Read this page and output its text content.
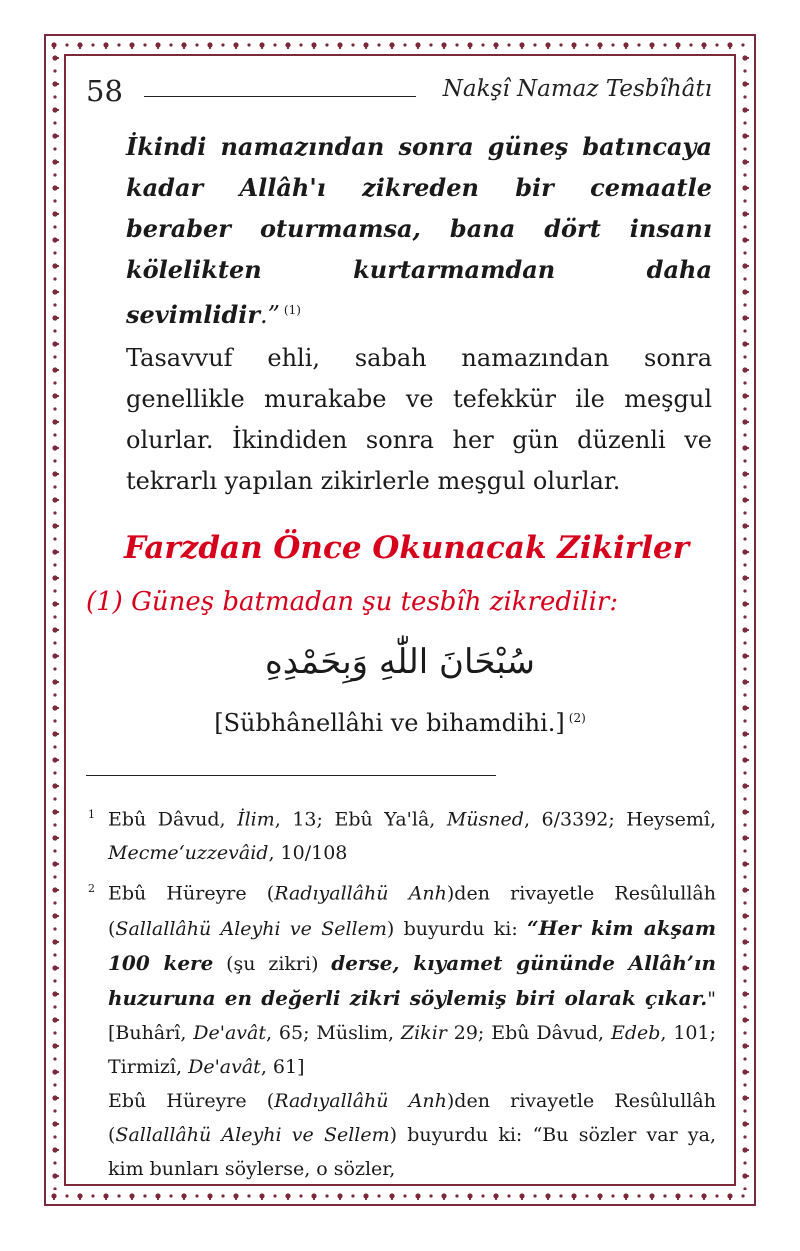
58	Nakşî Namaz Tesbîhâtı

İkindi namazından sonra güneş batıncaya kadar Allâh'ı zikreden bir cemaatle beraber oturmamsa, bana dört insanı kölelikten kurtarmamdan daha sevimlidir.” $^{(1)}$

Tasavvuf ehli, sabah namazından sonra genellikle murakabe ve tefekkür ile meşgul olurlar. İkindiden sonra her gün düzenli ve tekrarlı yapılan zikirlerle meşgul olurlar.

Farzdan Önce Okunacak Zikirler

(1) Güneş batmadan şu tesbîh zikredilir:

سُبْحَانَ اللّٰهِ وَبِحَمْدِهِ

[Sübhânellâhi ve bihamdihi.] $^{(2)}$

1 Ebû Dâvud, İlim, 13; Ebû Ya'lâ, Müsned, 6/3392; Heysemî, Mecme‘uzzevâid, 10/108

2 Ebû Hüreyre (Radıyallâhü Anh)den rivayetle Resûlullâh (Sallallâhü Aleyhi ve Sellem) buyurdu ki: “Her kim akşam 100 kere (şu zikri) derse, kıyamet gününde Allâh’ın huzuruna en değerli zikri söylemiş biri olarak çıkar." [Buhârî, De'avât, 65; Müslim, Zikir 29; Ebû Dâvud, Edeb, 101; Tirmizî, De'avât, 61]

Ebû Hüreyre (Radıyallâhü Anh)den rivayetle Resûlullâh (Sallallâhü Aleyhi ve Sellem) buyurdu ki: “Bu sözler var ya, kim bunları söylerse, o sözler,
